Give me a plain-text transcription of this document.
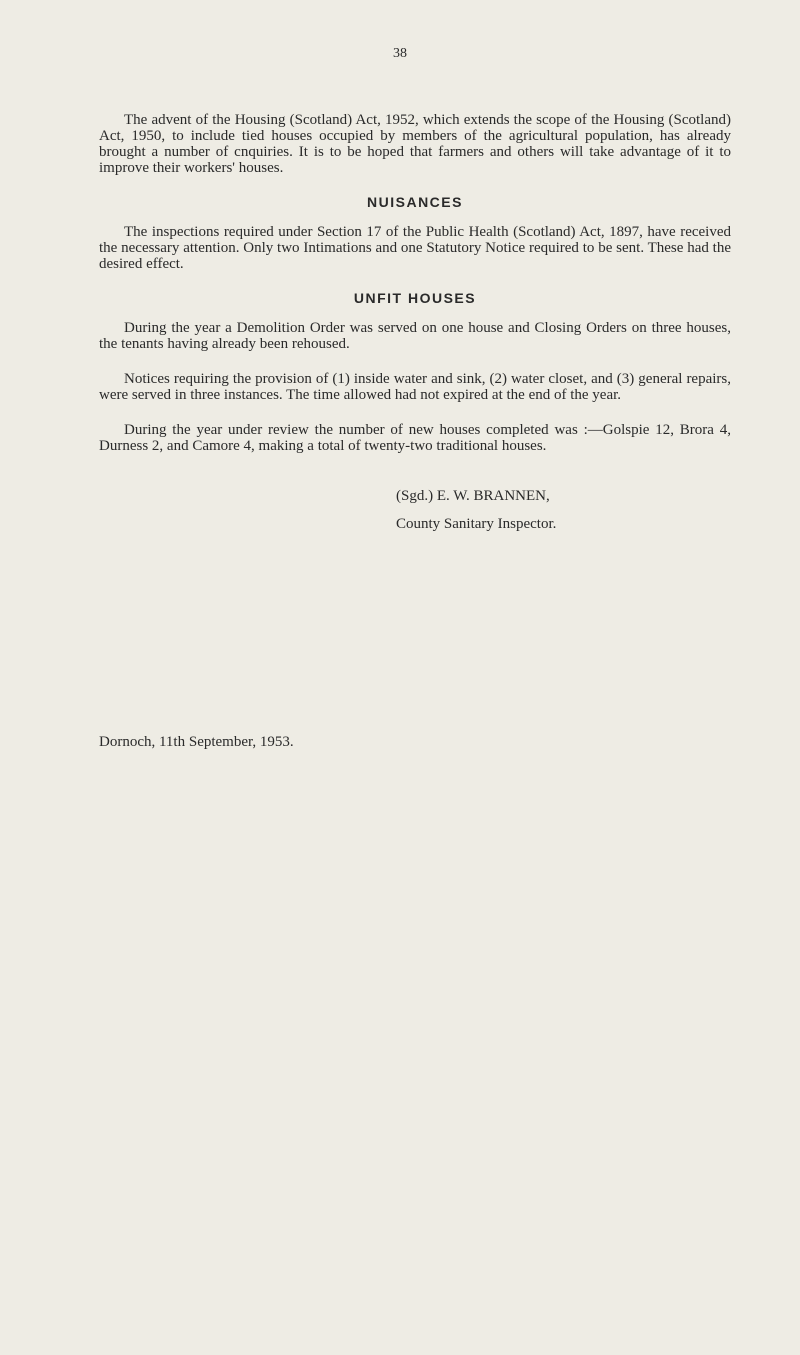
38

The advent of the Housing (Scotland) Act, 1952, which extends the scope of the Housing (Scotland) Act, 1950, to include tied houses occupied by members of the agricultural population, has already brought a number of cnquiries. It is to be hoped that farmers and others will take advantage of it to improve their workers' houses.

NUISANCES

The inspections required under Section 17 of the Public Health (Scotland) Act, 1897, have received the necessary attention. Only two Intimations and one Statutory Notice required to be sent. These had the desired effect.

UNFIT HOUSES

During the year a Demolition Order was served on one house and Closing Orders on three houses, the tenants having already been rehoused.

Notices requiring the provision of (1) inside water and sink, (2) water closet, and (3) general repairs, were served in three instances. The time allowed had not expired at the end of the year.

During the year under review the number of new houses completed was :—Golspie 12, Brora 4, Durness 2, and Camore 4, making a total of twenty-two traditional houses.

(Sgd.) E. W. BRANNEN,
County Sanitary Inspector.
Dornoch, 11th September, 1953.
